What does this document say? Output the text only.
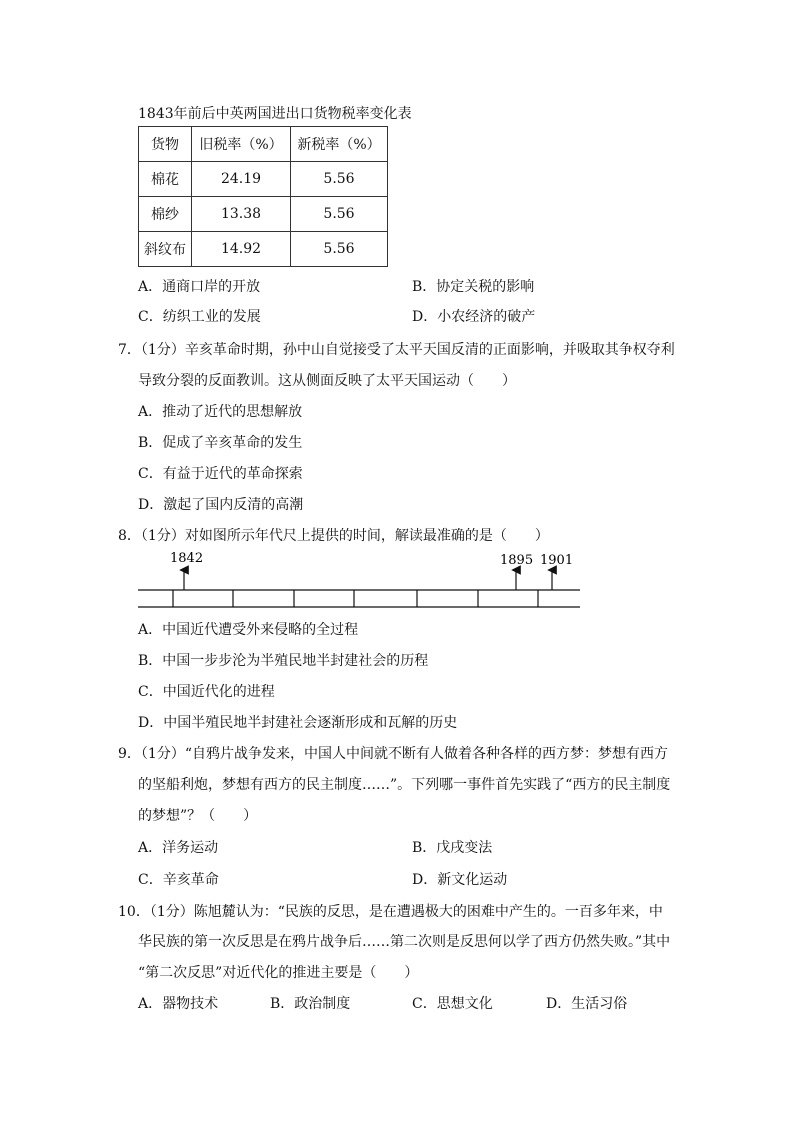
1843年前后中英两国进出口货物税率变化表
货物	旧税率（%）	新税率（%）
棉花	24.19	5.56
棉纱	13.38	5.56
斜纹布	14.92	5.56
A．通商口岸的开放	B．协定关税的影响
C．纺织工业的发展	D．小农经济的破产
7．（1分）辛亥革命时期，孙中山自觉接受了太平天国反清的正面影响，并吸取其争权夺利
导致分裂的反面教训。这从侧面反映了太平天国运动（　　）
A．推动了近代的思想解放
B．促成了辛亥革命的发生
C．有益于近代的革命探索
D．激起了国内反清的高潮
8．（1分）对如图所示年代尺上提供的时间，解读最准确的是（　　）
1842	1895 1901
A．中国近代遭受外来侵略的全过程
B．中国一步步沦为半殖民地半封建社会的历程
C．中国近代化的进程
D．中国半殖民地半封建社会逐渐形成和瓦解的历史
9．（1分）“自鸦片战争发来，中国人中间就不断有人做着各种各样的西方梦：梦想有西方
的坚船利炮，梦想有西方的民主制度……”。下列哪一事件首先实践了“西方的民主制度
的梦想”？（　　）
A．洋务运动	B．戊戌变法
C．辛亥革命	D．新文化运动
10．（1分）陈旭麓认为：“民族的反思，是在遭遇极大的困难中产生的。一百多年来，中
华民族的第一次反思是在鸦片战争后……第二次则是反思何以学了西方仍然失败。”其中
“第二次反思”对近代化的推进主要是（　　）
A．器物技术	B．政治制度	C．思想文化	D．生活习俗
